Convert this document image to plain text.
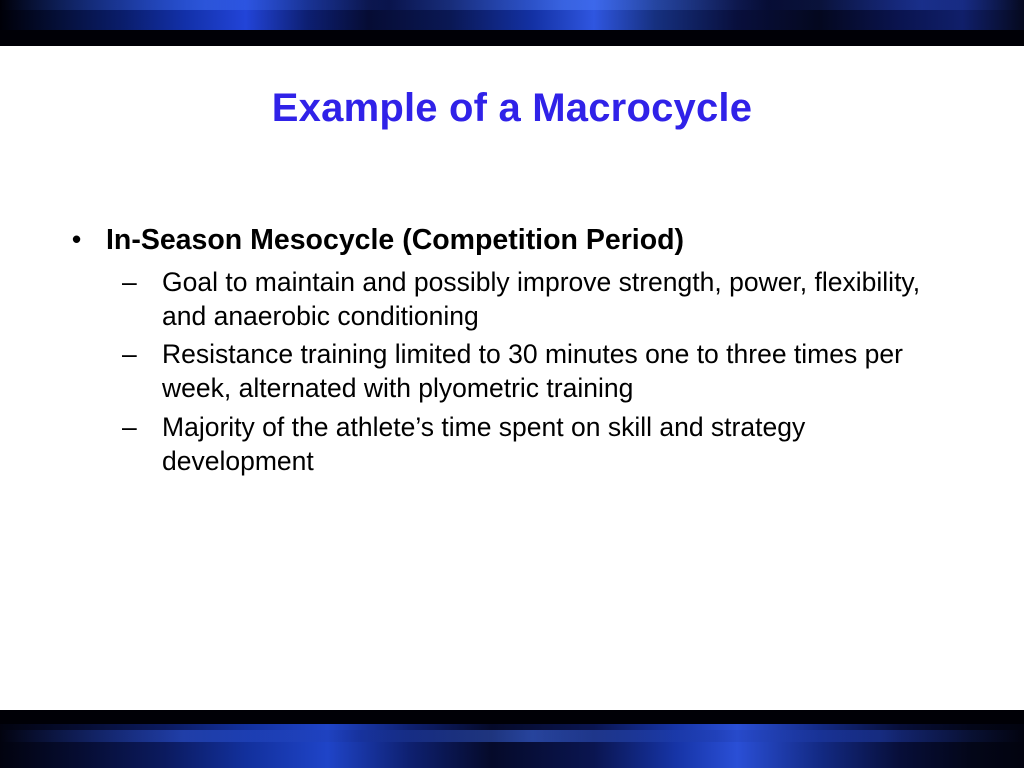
Example of a Macrocycle
• In-Season Mesocycle (Competition Period)
– Goal to maintain and possibly improve strength, power, flexibility, and anaerobic conditioning
– Resistance training limited to 30 minutes one to three times per week, alternated with plyometric training
– Majority of the athlete’s time spent on skill and strategy development
